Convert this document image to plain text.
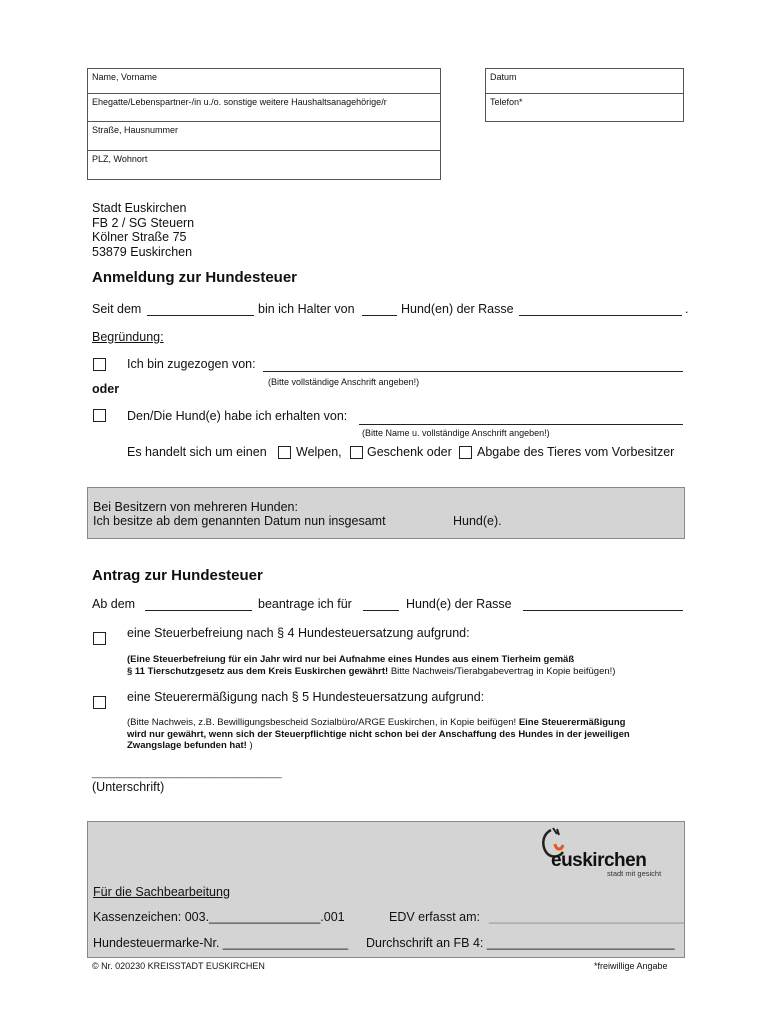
Name, Vorname
Ehegatte/Lebenspartner-/in u./o. sonstige weitere Haushaltsanagehörige/r
Straße, Hausnummer
PLZ, Wohnort
Datum
Telefon*
Stadt Euskirchen
FB 2 / SG Steuern
Kölner Straße 75
53879 Euskirchen
Anmeldung zur Hundesteuer
Seit dem	bin ich Halter von	Hund(en) der Rasse	.
Begründung:
Ich bin zugezogen von:
(Bitte vollständige Anschrift angeben!)
oder
Den/Die Hund(e) habe ich erhalten von:
(Bitte Name u. vollständige Anschrift angeben!)
Es handelt sich um einen Welpen, Geschenk oder Abgabe des Tieres vom Vorbesitzer
Bei Besitzern von mehreren Hunden:
Ich besitze ab dem genannten Datum nun insgesamt	Hund(e).
Antrag zur Hundesteuer
Ab dem	beantrage ich für	Hund(e) der Rasse
eine Steuerbefreiung nach § 4 Hundesteuersatzung aufgrund:
(Eine Steuerbefreiung für ein Jahr wird nur bei Aufnahme eines Hundes aus einem Tierheim gemäß
§ 11 Tierschutzgesetz aus dem Kreis Euskirchen gewährt! Bitte Nachweis/Tierabgabevertrag in Kopie beifügen!)
eine Steuerermäßigung nach § 5 Hundesteuersatzung aufgrund:
(Bitte Nachweis, z.B. Bewilligungsbescheid Sozialbüro/ARGE Euskirchen, in Kopie beifügen! Eine Steuerermäßigung
wird nur gewährt, wenn sich der Steuerpflichtige nicht schon bei der Anschaffung des Hundes in der jeweiligen
Zwangslage befunden hat! )
_______________________________
(Unterschrift)
euskirchen
stadt mit gesicht
Für die Sachbearbeitung
Kassenzeichen: 003.________________.001	EDV erfasst am: ____________________________
Hundesteuermarke-Nr. __________________ Durchschrift an FB 4: ___________________________
© Nr. 020230 KREISSTADT EUSKIRCHEN	*freiwillige Angabe
